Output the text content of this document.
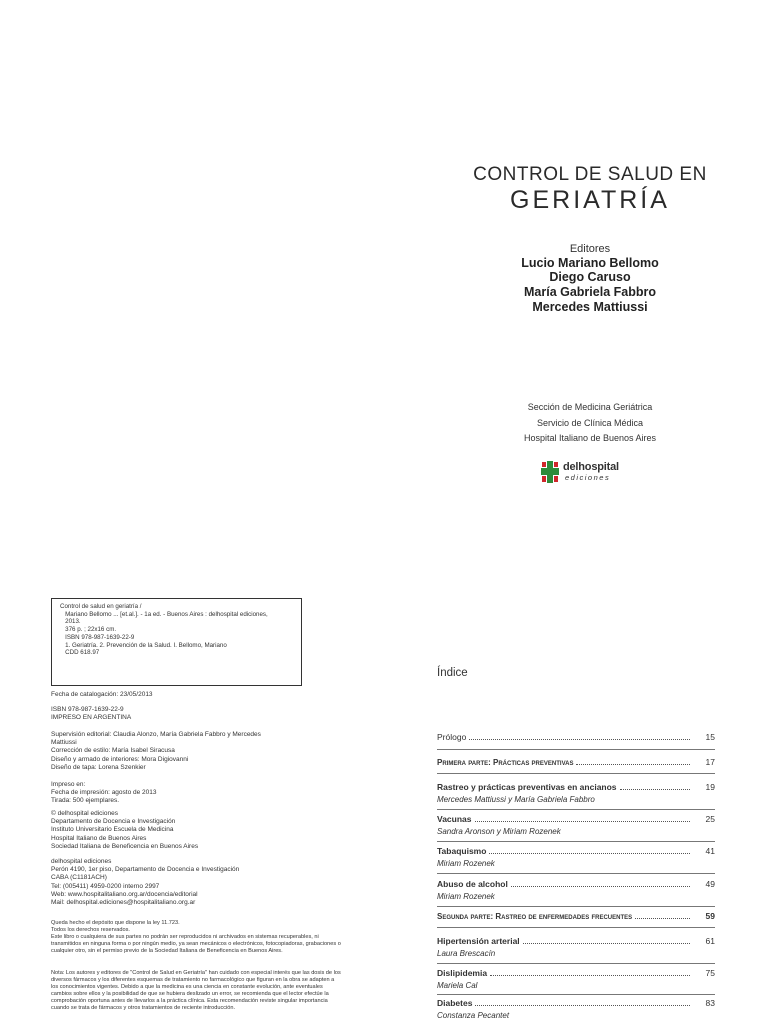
CONTROL DE SALUD EN
GERIATRÍA
Editores
Lucio Mariano Bellomo
Diego Caruso
María Gabriela Fabbro
Mercedes Mattiussi
Sección de Medicina Geriátrica
Servicio de Clínica Médica
Hospital Italiano de Buenos Aires
delhospital
ediciones
Control de salud en geriatría /
Mariano Bellomo ... [et.al.]. - 1a ed. - Buenos Aires : delhospital ediciones,
2013.
376 p. ; 22x16 cm.
ISBN 978-987-1639-22-9
1. Geriatría. 2. Prevención de la Salud. I. Bellomo, Mariano
CDD 618.97
Fecha de catalogación: 23/05/2013
ISBN 978-987-1639-22-9
IMPRESO EN ARGENTINA
Supervisión editorial: Claudia Alonzo, María Gabriela Fabbro y Mercedes
Mattiussi
Corrección de estilo: María Isabel Siracusa
Diseño y armado de interiores: Mora Digiovanni
Diseño de tapa: Lorena Szenkier
Impreso en:
Fecha de impresión: agosto de 2013
Tirada: 500 ejemplares.
© delhospital ediciones
Departamento de Docencia e Investigación
Instituto Universitario Escuela de Medicina
Hospital Italiano de Buenos Aires
Sociedad Italiana de Beneficencia en Buenos Aires
delhospital ediciones
Perón 4190, 1er piso, Departamento de Docencia e Investigación
CABA (C1181ACH)
Tel: (005411) 4959-0200 interno 2997
Web: www.hospitalitaliano.org.ar/docencia/editorial
Mail: delhospital.ediciones@hospitalitaliano.org.ar
Queda hecho el depósito que dispone la ley 11.723.
Todos los derechos reservados.
Este libro o cualquiera de sus partes no podrán ser reproducidos ni archivados en sistemas recuperables, ni transmitidos en ninguna forma o por ningún medio, ya sean mecánicos o electrónicos, fotocopiadoras, grabaciones o cualquier otro, sin el permiso previo de la Sociedad Italiana de Beneficencia en Buenos Aires.
Nota: Los autores y editores de "Control de Salud en Geriatría" han cuidado con especial interés que las dosis de los diversos fármacos y los diferentes esquemas de tratamiento no farmacológico que figuran en la obra se adapten a los conocimientos vigentes. Debido a que la medicina es una ciencia en constante evolución, ante eventuales cambios sobre ellos y la posibilidad de que se hubiera deslizado un error, se recomienda que el lector efectúe la comprobación oportuna antes de llevarlos a la práctica clínica. Esta recomendación reviste singular importancia cuando se trata de fármacos y otros tratamientos de reciente introducción.
Índice
Prólogo	15
Primera parte: Prácticas preventivas	17
Rastreo y prácticas preventivas en ancianos	19
Mercedes Mattiussi y María Gabriela Fabbro
Vacunas	25
Sandra Aronson y Miriam Rozenek
Tabaquismo	41
Miriam Rozenek
Abuso de alcohol	49
Miriam Rozenek
Segunda parte: Rastreo de enfermedades frecuentes	59
Hipertensión arterial	61
Laura Brescacín
Dislipidemia	75
Mariela Cal
Diabetes	83
Constanza Pecantet
